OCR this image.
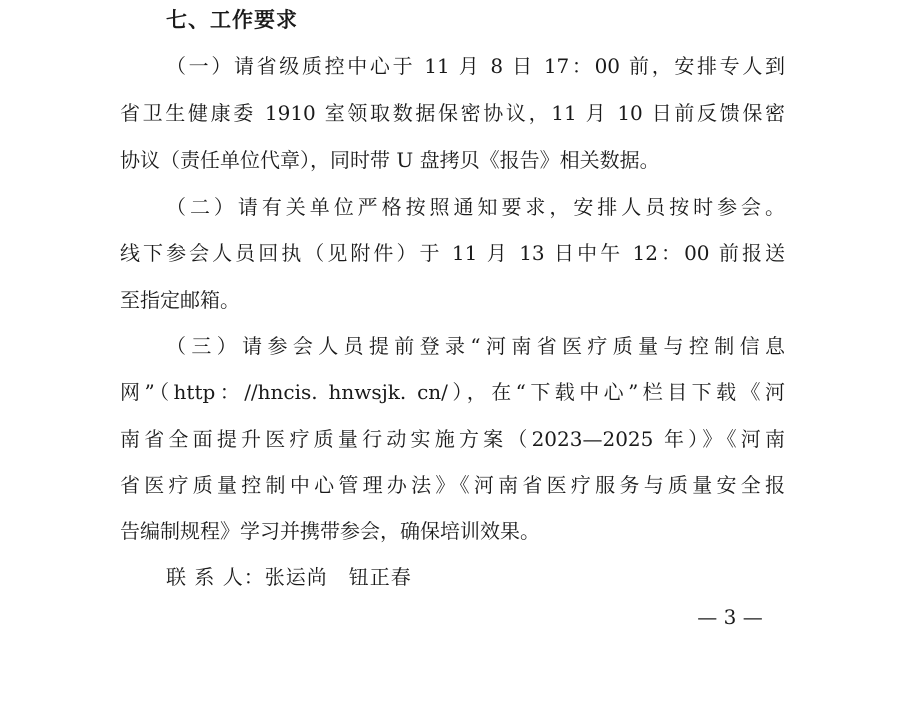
七、工作要求
（一）请省级质控中心于 11 月 8 日 17：00 前，安排专人到
省卫生健康委 1910 室领取数据保密协议，11 月 10 日前反馈保密
协议（责任单位代章），同时带 U 盘拷贝《报告》相关数据。
（二）请有关单位严格按照通知要求，安排人员按时参会。
线下参会人员回执（见附件）于 11 月 13 日中午 12：00 前报送
至指定邮箱。
（三）请参会人员提前登录“河南省医疗质量与控制信息
网”（http：//hncis. hnwsjk. cn/），在“下载中心”栏目下载《河
南省全面提升医疗质量行动实施方案（2023—2025 年）》《河南
省医疗质量控制中心管理办法》《河南省医疗服务与质量安全报
告编制规程》学习并携带参会，确保培训效果。
联 系 人：张运尚　钮正春
— 3 —
